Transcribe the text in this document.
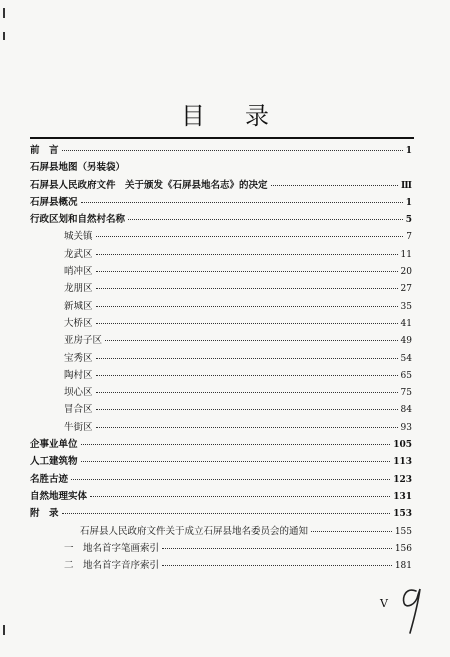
目录
前　言	1
石屏县地图（另装袋）
石屏县人民政府文件　关于颁发《石屏县地名志》的决定	Ⅲ
石屏县概况	1
行政区划和自然村名称	5
城关镇	7
龙武区	11
哨冲区	20
龙朋区	27
新城区	35
大桥区	41
亚房子区	49
宝秀区	54
陶村区	65
坝心区	75
冒合区	84
牛街区	93
企事业单位	105
人工建筑物	113
名胜古迹	123
自然地理实体	131
附　录	153
石屏县人民政府文件关于成立石屏县地名委员会的通知	155
一　地名首字笔画索引	156
二　地名首字音序索引	181
V
